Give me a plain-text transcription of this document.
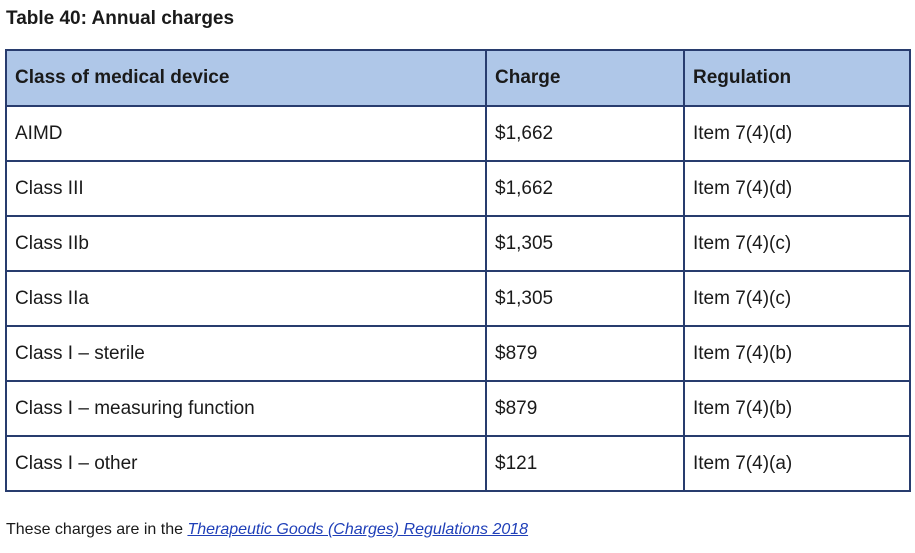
Table 40: Annual charges
Class of medical device	Charge	Regulation
AIMD	$1,662	Item 7(4)(d)
Class III	$1,662	Item 7(4)(d)
Class IIb	$1,305	Item 7(4)(c)
Class IIa	$1,305	Item 7(4)(c)
Class I – sterile	$879	Item 7(4)(b)
Class I – measuring function	$879	Item 7(4)(b)
Class I – other	$121	Item 7(4)(a)
These charges are in the Therapeutic Goods (Charges) Regulations 2018
